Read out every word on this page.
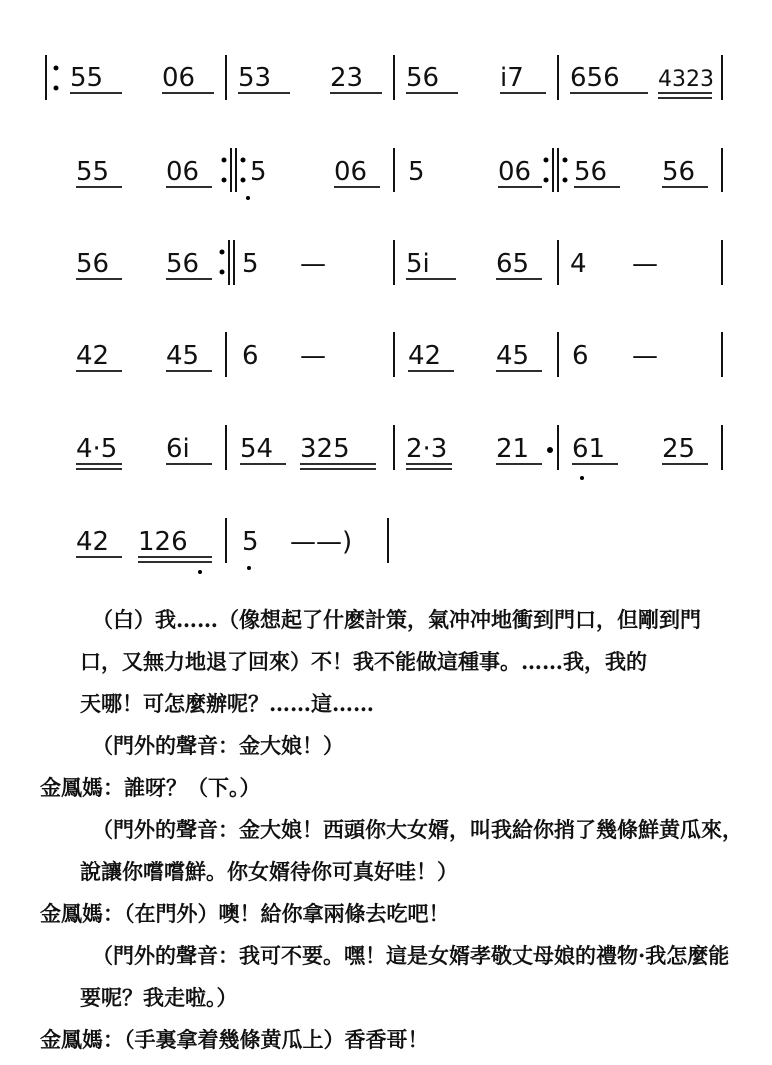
55 06 53 23 56 i7 656 4323
55 06 5	06 5	06 56 56
56 56 5 —	5i	65 4 —
42 45 6 —	42 45 6 —
4·5 6i 54 325 2·3 21 61 25
42 126 5 ——)
（白）我……（像想起了什麽計策，氣冲冲地衝到門口，但剛到門
口，又無力地退了回來）不！我不能做這種事。……我，我的
天哪！可怎麼辦呢？……這……
（門外的聲音：金大娘！）
金鳳媽：誰呀？（下。）
（門外的聲音：金大娘！西頭你大女婿，叫我給你捎了幾條鮮黄瓜來，
說讓你嚐嚐鮮。你女婿待你可真好哇！）
金鳳媽：（在門外）噢！給你拿兩條去吃吧！
（門外的聲音：我可不要。嘿！這是女婿孝敬丈母娘的禮物·我怎麼能
要呢？我走啦。）
金鳳媽：（手裏拿着幾條黄瓜上）香香哥！
